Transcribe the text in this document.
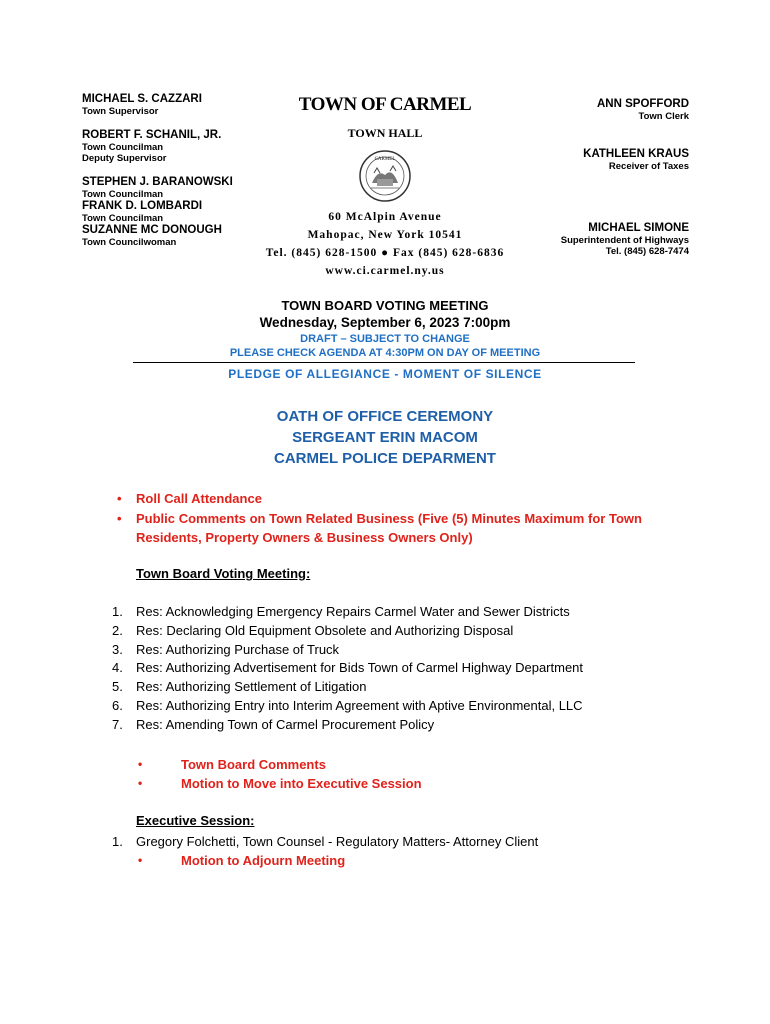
MICHAEL S. CAZZARI
Town Supervisor
ROBERT F. SCHANIL, JR.
Town Councilman
Deputy Supervisor
STEPHEN J. BARANOWSKI
Town Councilman
FRANK D. LOMBARDI
Town Councilman
SUZANNE MC DONOUGH
Town Councilwoman
TOWN OF CARMEL
TOWN HALL
CARMEL
60 McAlpin Avenue
Mahopac, New York 10541
Tel. (845) 628-1500 ● Fax (845) 628-6836
www.ci.carmel.ny.us
ANN SPOFFORD
Town Clerk
KATHLEEN KRAUS
Receiver of Taxes
MICHAEL SIMONE
Superintendent of Highways
Tel. (845) 628-7474
TOWN BOARD VOTING MEETING
Wednesday, September 6, 2023 7:00pm
DRAFT – SUBJECT TO CHANGE
PLEASE CHECK AGENDA AT 4:30PM ON DAY OF MEETING
PLEDGE OF ALLEGIANCE - MOMENT OF SILENCE
OATH OF OFFICE CEREMONY
SERGEANT ERIN MACOM
CARMEL POLICE DEPARMENT
• Roll Call Attendance
• Public Comments on Town Related Business (Five (5) Minutes Maximum for Town Residents, Property Owners & Business Owners Only)
Town Board Voting Meeting:
1.	Res: Acknowledging Emergency Repairs Carmel Water and Sewer Districts
2.	Res: Declaring Old Equipment Obsolete and Authorizing Disposal
3.	Res: Authorizing Purchase of Truck
4.	Res: Authorizing Advertisement for Bids Town of Carmel Highway Department
5.	Res: Authorizing Settlement of Litigation
6.	Res: Authorizing Entry into Interim Agreement with Aptive Environmental, LLC
7.	Res: Amending Town of Carmel Procurement Policy
• Town Board Comments
• Motion to Move into Executive Session
Executive Session:
1.	Gregory Folchetti, Town Counsel - Regulatory Matters- Attorney Client
• Motion to Adjourn Meeting
